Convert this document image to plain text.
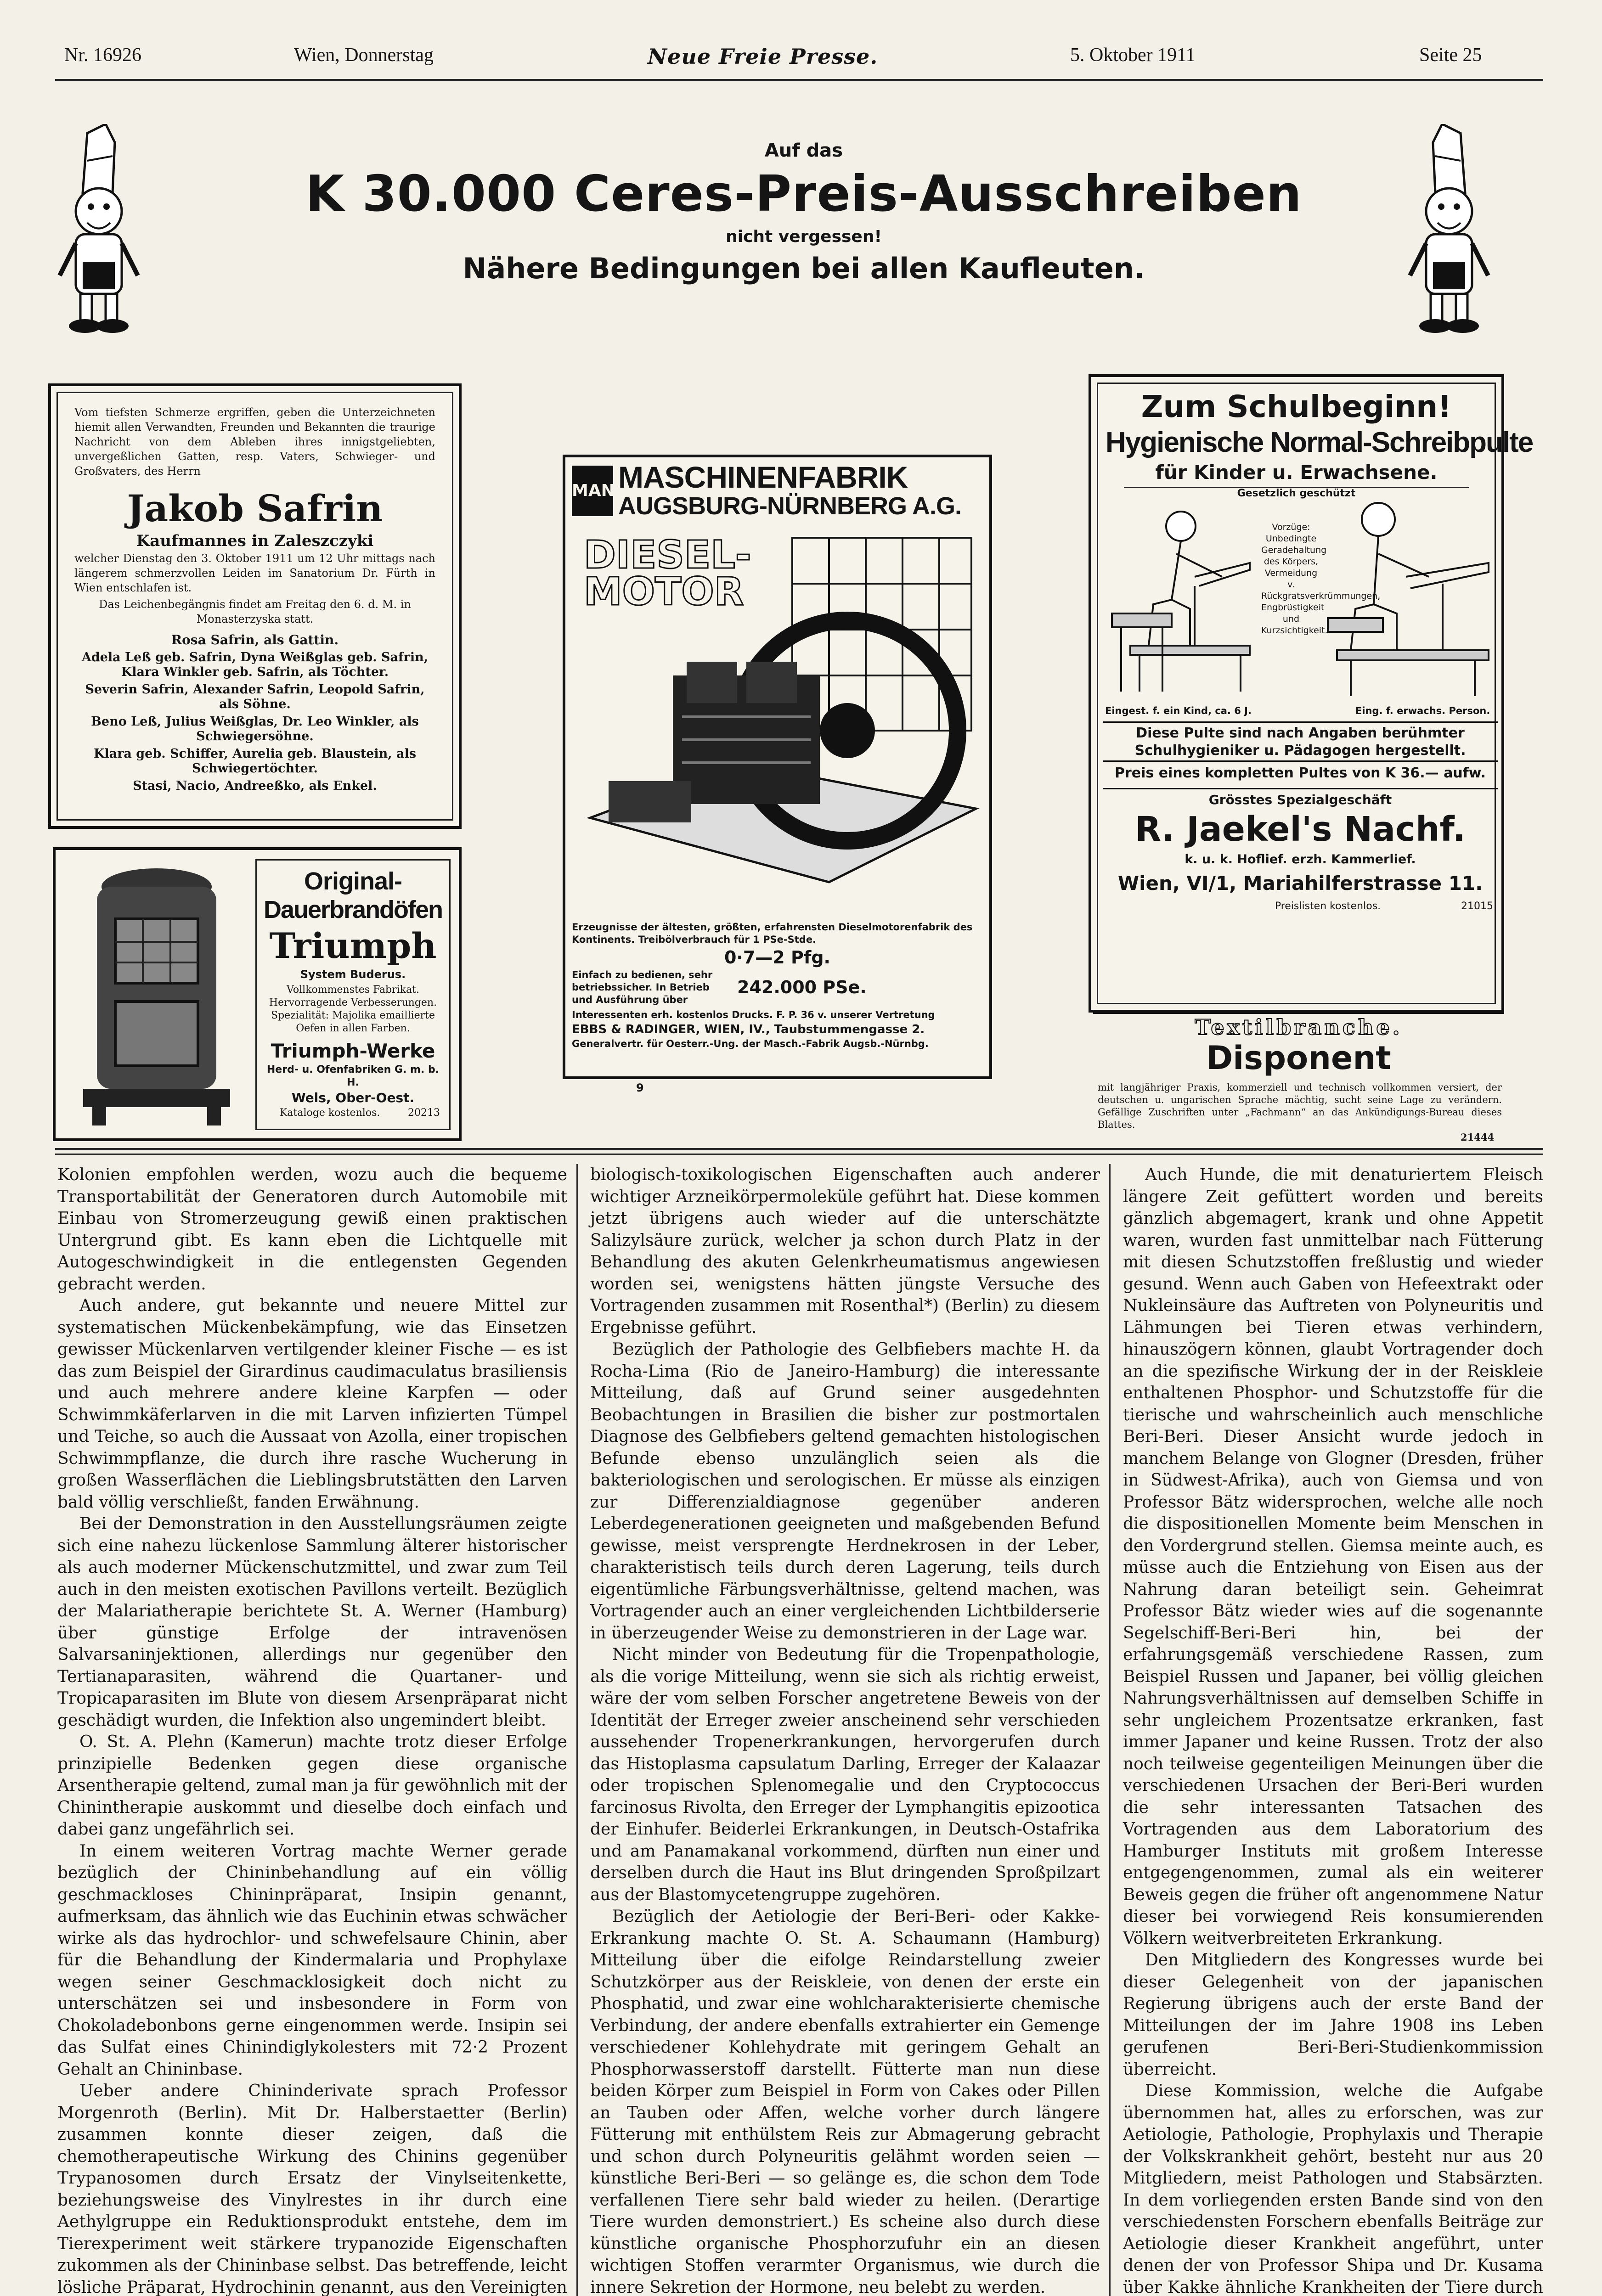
Nr. 16926	Wien, Donnerstag	Neue Freie Presse.	5. Oktober 1911	Seite 25
Auf das
K 30.000 Ceres-Preis-Ausschreiben
nicht vergessen!
Nähere Bedingungen bei allen Kaufleuten.
Vom tiefsten Schmerze ergriffen, geben die Unterzeichneten hiemit allen Verwandten, Freunden und Bekannten die traurige Nachricht von dem Ableben ihres innigstgeliebten, unvergeßlichen Gatten, resp. Vaters, Schwieger- und Großvaters, des Herrn
Jakob Safrin
Kaufmannes in Zaleszczyki
welcher Dienstag den 3. Oktober 1911 um 12 Uhr mittags nach längerem schmerzvollen Leiden im Sanatorium Dr. Fürth in Wien entschlafen ist.
Das Leichenbegängnis findet am Freitag den 6. d. M. in Monasterzyska statt.
Rosa Safrin, als Gattin.
Adela Leß geb. Safrin, Dyna Weißglas geb. Safrin, Klara Winkler geb. Safrin, als Töchter.
Severin Safrin, Alexander Safrin, Leopold Safrin, als Söhne.
Beno Leß, Julius Weißglas, Dr. Leo Winkler, als Schwiegersöhne.
Klara geb. Schiffer, Aurelia geb. Blaustein, als Schwiegertöchter.
Stasi, Nacio, Andreeßko, als Enkel.
Original-
Dauerbrandöfen
Triumph
System Buderus.
Vollkommenstes Fabrikat. Hervorragende Verbesserungen. Spezialität: Majolika emaillierte Oefen in allen Farben.
Triumph-Werke
Herd- u. Ofenfabriken G. m. b. H.
Wels, Ober-Oest.
Kataloge kostenlos.	20213
MAN MASCHINENFABRIK
AUGSBURG-NÜRNBERG A.G.
DIESEL-
MOTOR
Erzeugnisse der ältesten, größten, erfahrensten Dieselmotorenfabrik des Kontinents. Treibölverbrauch für 1 PSe-Stde.
0·7—2 Pfg.
Einfach zu bedienen, sehr betriebssicher. In Betrieb und Ausführung über242.000 PSe.
Interessenten erh. kostenlos Drucks. F. P. 36 v. unserer Vertretung
EBBS & RADINGER, WIEN, IV., Taubstummengasse 2.
Generalvertr. für Oesterr.-Ung. der Masch.-Fabrik Augsb.-Nürnbg.
9
Zum Schulbeginn!
Hygienische Normal-Schreibpulte
für Kinder u. Erwachsene.
Gesetzlich geschützt
Vorzüge: Unbedingte Geradehaltung des Körpers, Vermeidung v. Rückgratsverkrümmungen, Engbrüstigkeit und Kurzsichtigkeit.
Eingest. f. ein Kind, ca. 6 J.	Eing. f. erwachs. Person.
Diese Pulte sind nach Angaben berühmter Schulhygieniker u. Pädagogen hergestellt.
Preis eines kompletten Pultes von K 36.— aufw.
Grösstes Spezialgeschäft
R. Jaekel's Nachf.
k. u. k. Hoflief. erzh. Kammerlief.
Wien, VI/1, Mariahilferstrasse 11.
Preislisten kostenlos.	21015
Textilbranche.
Disponent
mit langjähriger Praxis, kommerziell und technisch vollkommen versiert, der deutschen u. ungarischen Sprache mächtig, sucht seine Lage zu verändern. Gefällige Zuschriften unter „Fachmann“ an das Ankündigungs-Bureau dieses Blattes.
21444

Kolonien empfohlen werden, wozu auch die bequeme Transportabilität der Generatoren durch Automobile mit Einbau von Stromerzeugung gewiß einen praktischen Untergrund gibt. Es kann eben die Lichtquelle mit Autogeschwindigkeit in die entlegensten Gegenden gebracht werden.

Auch andere, gut bekannte und neuere Mittel zur systematischen Mückenbekämpfung, wie das Einsetzen gewisser Mückenlarven vertilgender kleiner Fische — es ist das zum Beispiel der Girardinus caudimaculatus brasiliensis und auch mehrere andere kleine Karpfen — oder Schwimmkäferlarven in die mit Larven infizierten Tümpel und Teiche, so auch die Aussaat von Azolla, einer tropischen Schwimmpflanze, die durch ihre rasche Wucherung in großen Wasserflächen die Lieblingsbrutstätten den Larven bald völlig verschließt, fanden Erwähnung.

Bei der Demonstration in den Ausstellungsräumen zeigte sich eine nahezu lückenlose Sammlung älterer historischer als auch moderner Mückenschutzmittel, und zwar zum Teil auch in den meisten exotischen Pavillons verteilt. Bezüglich der Malariatherapie berichtete St. A. Werner (Hamburg) über günstige Erfolge der intravenösen Salvarsaninjektionen, allerdings nur gegenüber den Tertianaparasiten, während die Quartaner- und Tropicaparasiten im Blute von diesem Arsenpräparat nicht geschädigt wurden, die Infektion also ungemindert bleibt.

O. St. A. Plehn (Kamerun) machte trotz dieser Erfolge prinzipielle Bedenken gegen diese organische Arsentherapie geltend, zumal man ja für gewöhnlich mit der Chinintherapie auskommt und dieselbe doch einfach und dabei ganz ungefährlich sei.

In einem weiteren Vortrag machte Werner gerade bezüglich der Chininbehandlung auf ein völlig geschmackloses Chininpräparat, Insipin genannt, aufmerksam, das ähnlich wie das Euchinin etwas schwächer wirke als das hydrochlor- und schwefelsaure Chinin, aber für die Behandlung der Kindermalaria und Prophylaxe wegen seiner Geschmacklosigkeit doch nicht zu unterschätzen sei und insbesondere in Form von Chokoladebonbons gerne eingenommen werde. Insipin sei das Sulfat eines Chinindiglykolesters mit 72·2 Prozent Gehalt an Chininbase.

Ueber andere Chininderivate sprach Professor Morgenroth (Berlin). Mit Dr. Halberstaetter (Berlin) zusammen konnte dieser zeigen, daß die chemotherapeutische Wirkung des Chinins gegenüber Trypanosomen durch Ersatz der Vinylseitenkette, beziehungsweise des Vinylrestes in ihr durch eine Aethylgruppe ein Reduktionsprodukt entstehe, dem im Tierexperiment weit stärkere trypanozide Eigenschaften zukommen als der Chininbase selbst. Das betreffende, leicht lösliche Präparat, Hydrochinin genannt, aus den Vereinigten

biologisch-toxikologischen Eigenschaften auch anderer wichtiger Arzneikörpermoleküle geführt hat. Diese kommen jetzt übrigens auch wieder auf die unterschätzte Salizylsäure zurück, welcher ja schon durch Platz in der Behandlung des akuten Gelenkrheumatismus angewiesen worden sei, wenigstens hätten jüngste Versuche des Vortragenden zusammen mit Rosenthal*) (Berlin) zu diesem Ergebnisse geführt.

Bezüglich der Pathologie des Gelbfiebers machte H. da Rocha-Lima (Rio de Janeiro-Hamburg) die interessante Mitteilung, daß auf Grund seiner ausgedehnten Beobachtungen in Brasilien die bisher zur postmortalen Diagnose des Gelbfiebers geltend gemachten histologischen Befunde ebenso unzulänglich seien als die bakteriologischen und serologischen. Er müsse als einzigen zur Differenzialdiagnose gegenüber anderen Leberdegenerationen geeigneten und maßgebenden Befund gewisse, meist versprengte Herdnekrosen in der Leber, charakteristisch teils durch deren Lagerung, teils durch eigentümliche Färbungsverhältnisse, geltend machen, was Vortragender auch an einer vergleichenden Lichtbilderserie in überzeugender Weise zu demonstrieren in der Lage war.

Nicht minder von Bedeutung für die Tropenpathologie, als die vorige Mitteilung, wenn sie sich als richtig erweist, wäre der vom selben Forscher angetretene Beweis von der Identität der Erreger zweier anscheinend sehr verschieden aussehender Tropenerkrankungen, hervorgerufen durch das Histoplasma capsulatum Darling, Erreger der Kalaazar oder tropischen Splenomegalie und den Cryptococcus farcinosus Rivolta, den Erreger der Lymphangitis epizootica der Einhufer. Beiderlei Erkrankungen, in Deutsch-Ostafrika und am Panamakanal vorkommend, dürften nun einer und derselben durch die Haut ins Blut dringenden Sproßpilzart aus der Blastomycetengruppe zugehören.

Bezüglich der Aetiologie der Beri-Beri- oder Kakke-Erkrankung machte O. St. A. Schaumann (Hamburg) Mitteilung über die eifolge Reindarstellung zweier Schutzkörper aus der Reiskleie, von denen der erste ein Phosphatid, und zwar eine wohlcharakterisierte chemische Verbindung, der andere ebenfalls extrahierter ein Gemenge verschiedener Kohlehydrate mit geringem Gehalt an Phosphorwasserstoff darstellt. Fütterte man nun diese beiden Körper zum Beispiel in Form von Cakes oder Pillen an Tauben oder Affen, welche vorher durch längere Fütterung mit enthülstem Reis zur Abmagerung gebracht und schon durch Polyneuritis gelähmt worden seien — künstliche Beri-Beri — so gelänge es, die schon dem Tode verfallenen Tiere sehr bald wieder zu heilen. (Derartige Tiere wurden demonstriert.) Es scheine also durch diese künstliche organische Phosphorzufuhr ein an diesen wichtigen Stoffen verarmter Organismus, wie durch die innere Sekretion der Hormone, neu belebt zu werden.

Auch Hunde, die mit denaturiertem Fleisch längere Zeit gefüttert worden und bereits gänzlich abgemagert, krank und ohne Appetit waren, wurden fast unmittelbar nach Fütterung mit diesen Schutzstoffen freßlustig und wieder gesund. Wenn auch Gaben von Hefeextrakt oder Nukleinsäure das Auftreten von Polyneuritis und Lähmungen bei Tieren etwas verhindern, hinauszögern können, glaubt Vortragender doch an die spezifische Wirkung der in der Reiskleie enthaltenen Phosphor- und Schutzstoffe für die tierische und wahrscheinlich auch menschliche Beri-Beri. Dieser Ansicht wurde jedoch in manchem Belange von Glogner (Dresden, früher in Südwest-Afrika), auch von Giemsa und von Professor Bätz widersprochen, welche alle noch die dispositionellen Momente beim Menschen in den Vordergrund stellen. Giemsa meinte auch, es müsse auch die Entziehung von Eisen aus der Nahrung daran beteiligt sein. Geheimrat Professor Bätz wieder wies auf die sogenannte Segelschiff-Beri-Beri hin, bei der erfahrungsgemäß verschiedene Rassen, zum Beispiel Russen und Japaner, bei völlig gleichen Nahrungsverhältnissen auf demselben Schiffe in sehr ungleichem Prozentsatze erkranken, fast immer Japaner und keine Russen. Trotz der also noch teilweise gegenteiligen Meinungen über die verschiedenen Ursachen der Beri-Beri wurden die sehr interessanten Tatsachen des Vortragenden aus dem Laboratorium des Hamburger Instituts mit großem Interesse entgegengenommen, zumal als ein weiterer Beweis gegen die früher oft angenommene Natur dieser bei vorwiegend Reis konsumierenden Völkern weitverbreiteten Erkrankung.

Den Mitgliedern des Kongresses wurde bei dieser Gelegenheit von der japanischen Regierung übrigens auch der erste Band der Mitteilungen der im Jahre 1908 ins Leben gerufenen Beri-Beri-Studienkommission überreicht.

Diese Kommission, welche die Aufgabe übernommen hat, alles zu erforschen, was zur Aetiologie, Pathologie, Prophylaxis und Therapie der Volkskrankheit gehört, besteht nur aus 20 Mitgliedern, meist Pathologen und Stabsärzten. In dem vorliegenden ersten Bande sind von den verschiedensten Forschern ebenfalls Beiträge zur Aetiologie dieser Krankheit angeführt, unter denen der von Professor Shipa und Dr. Kusama über Kakke ähnliche Krankheiten der Tiere durch
